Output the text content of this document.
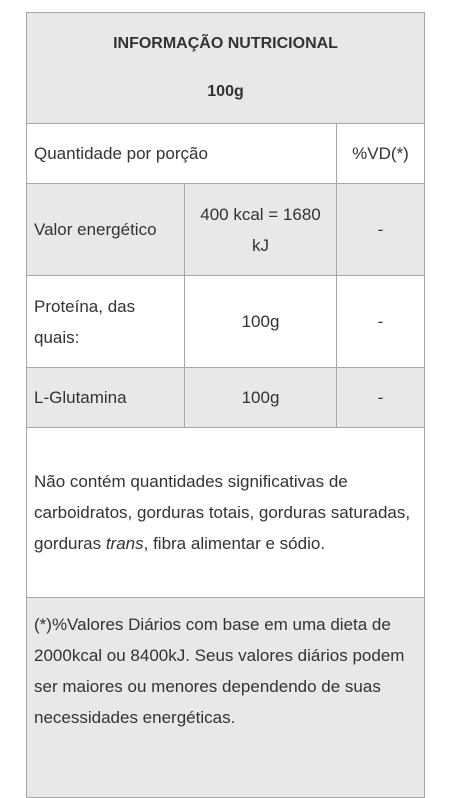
INFORMAÇÃO NUTRICIONAL
100g		

Quantidade por porção		%VD(*)
Valor energético	400 kcal = 1680 kJ	-
Proteína, das quais:	100g	-
L-Glutamina	100g	-
Não contém quantidades significativas de carboidratos, gorduras totais, gorduras saturadas, gorduras trans, fibra alimentar e sódio.		

(*)%Valores Diários com base em uma dieta de 2000kcal ou 8400kJ. Seus valores diários podem ser maiores ou menores dependendo de suas necessidades energéticas.		
